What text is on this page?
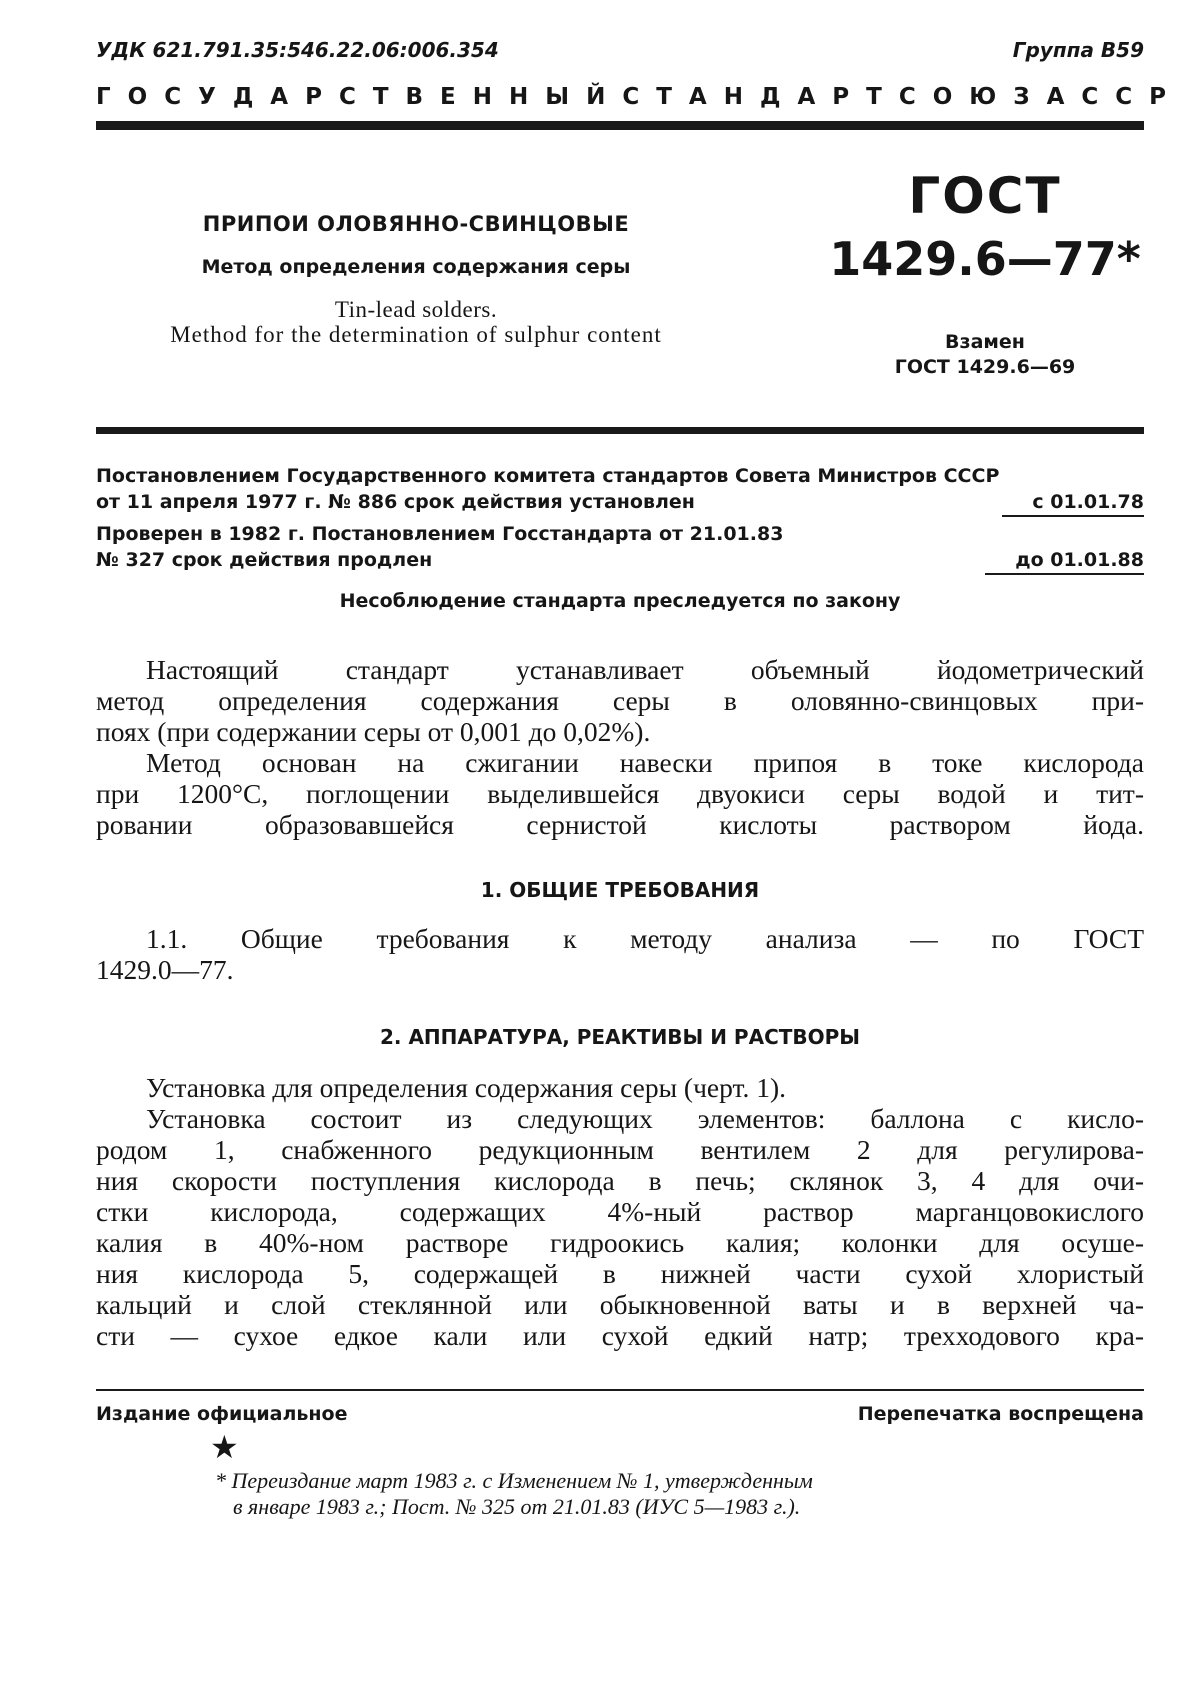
УДК 621.791.35:546.22.06:006.354	Группа В59
ГОСУДАРСТВЕННЫЙ СТАНДАРТ СОЮЗА ССР
ПРИПОИ ОЛОВЯННО-СВИНЦОВЫЕ
Метод определения содержания серы
Tin-lead solders.
Method for the determination of sulphur content
ГОСТ
1429.6—77*
Взамен
ГОСТ 1429.6—69
Постановлением Государственного комитета стандартов Совета Министров СССР
от 11 апреля 1977 г. № 886 срок действия установлен	с 01.01.78
Проверен в 1982 г. Постановлением Госстандарта от 21.01.83
№ 327 срок действия продлен	до 01.01.88
Несоблюдение стандарта преследуется по закону
Настоящий стандарт устанавливает объемный йодометрический
метод определения содержания серы в оловянно-свинцовых при-
поях (при содержании серы от 0,001 до 0,02%).
Метод основан на сжигании навески припоя в токе кислорода
при 1200°С, поглощении выделившейся двуокиси серы водой и тит-
ровании образовавшейся сернистой кислоты раствором йода.
1. ОБЩИЕ ТРЕБОВАНИЯ
1.1. Общие требования к методу анализа — по ГОСТ
1429.0—77.
2. АППАРАТУРА, РЕАКТИВЫ И РАСТВОРЫ
Установка для определения содержания серы (черт. 1).
Установка состоит из следующих элементов: баллона с кисло-
родом 1, снабженного редукционным вентилем 2 для регулирова-
ния скорости поступления кислорода в печь; склянок 3, 4 для очи-
стки кислорода, содержащих 4%-ный раствор марганцовокислого
калия в 40%-ном растворе гидроокись калия; колонки для осуше-
ния кислорода 5, содержащей в нижней части сухой хлористый
кальций и слой стеклянной или обыкновенной ваты и в верхней ча-
сти — сухое едкое кали или сухой едкий натр; трехходового кра-
Издание официальное	Перепечатка воспрещена
★
* Переиздание март 1983 г. с Изменением № 1, утвержденным
в январе 1983 г.; Пост. № 325 от 21.01.83 (ИУС 5—1983 г.).
